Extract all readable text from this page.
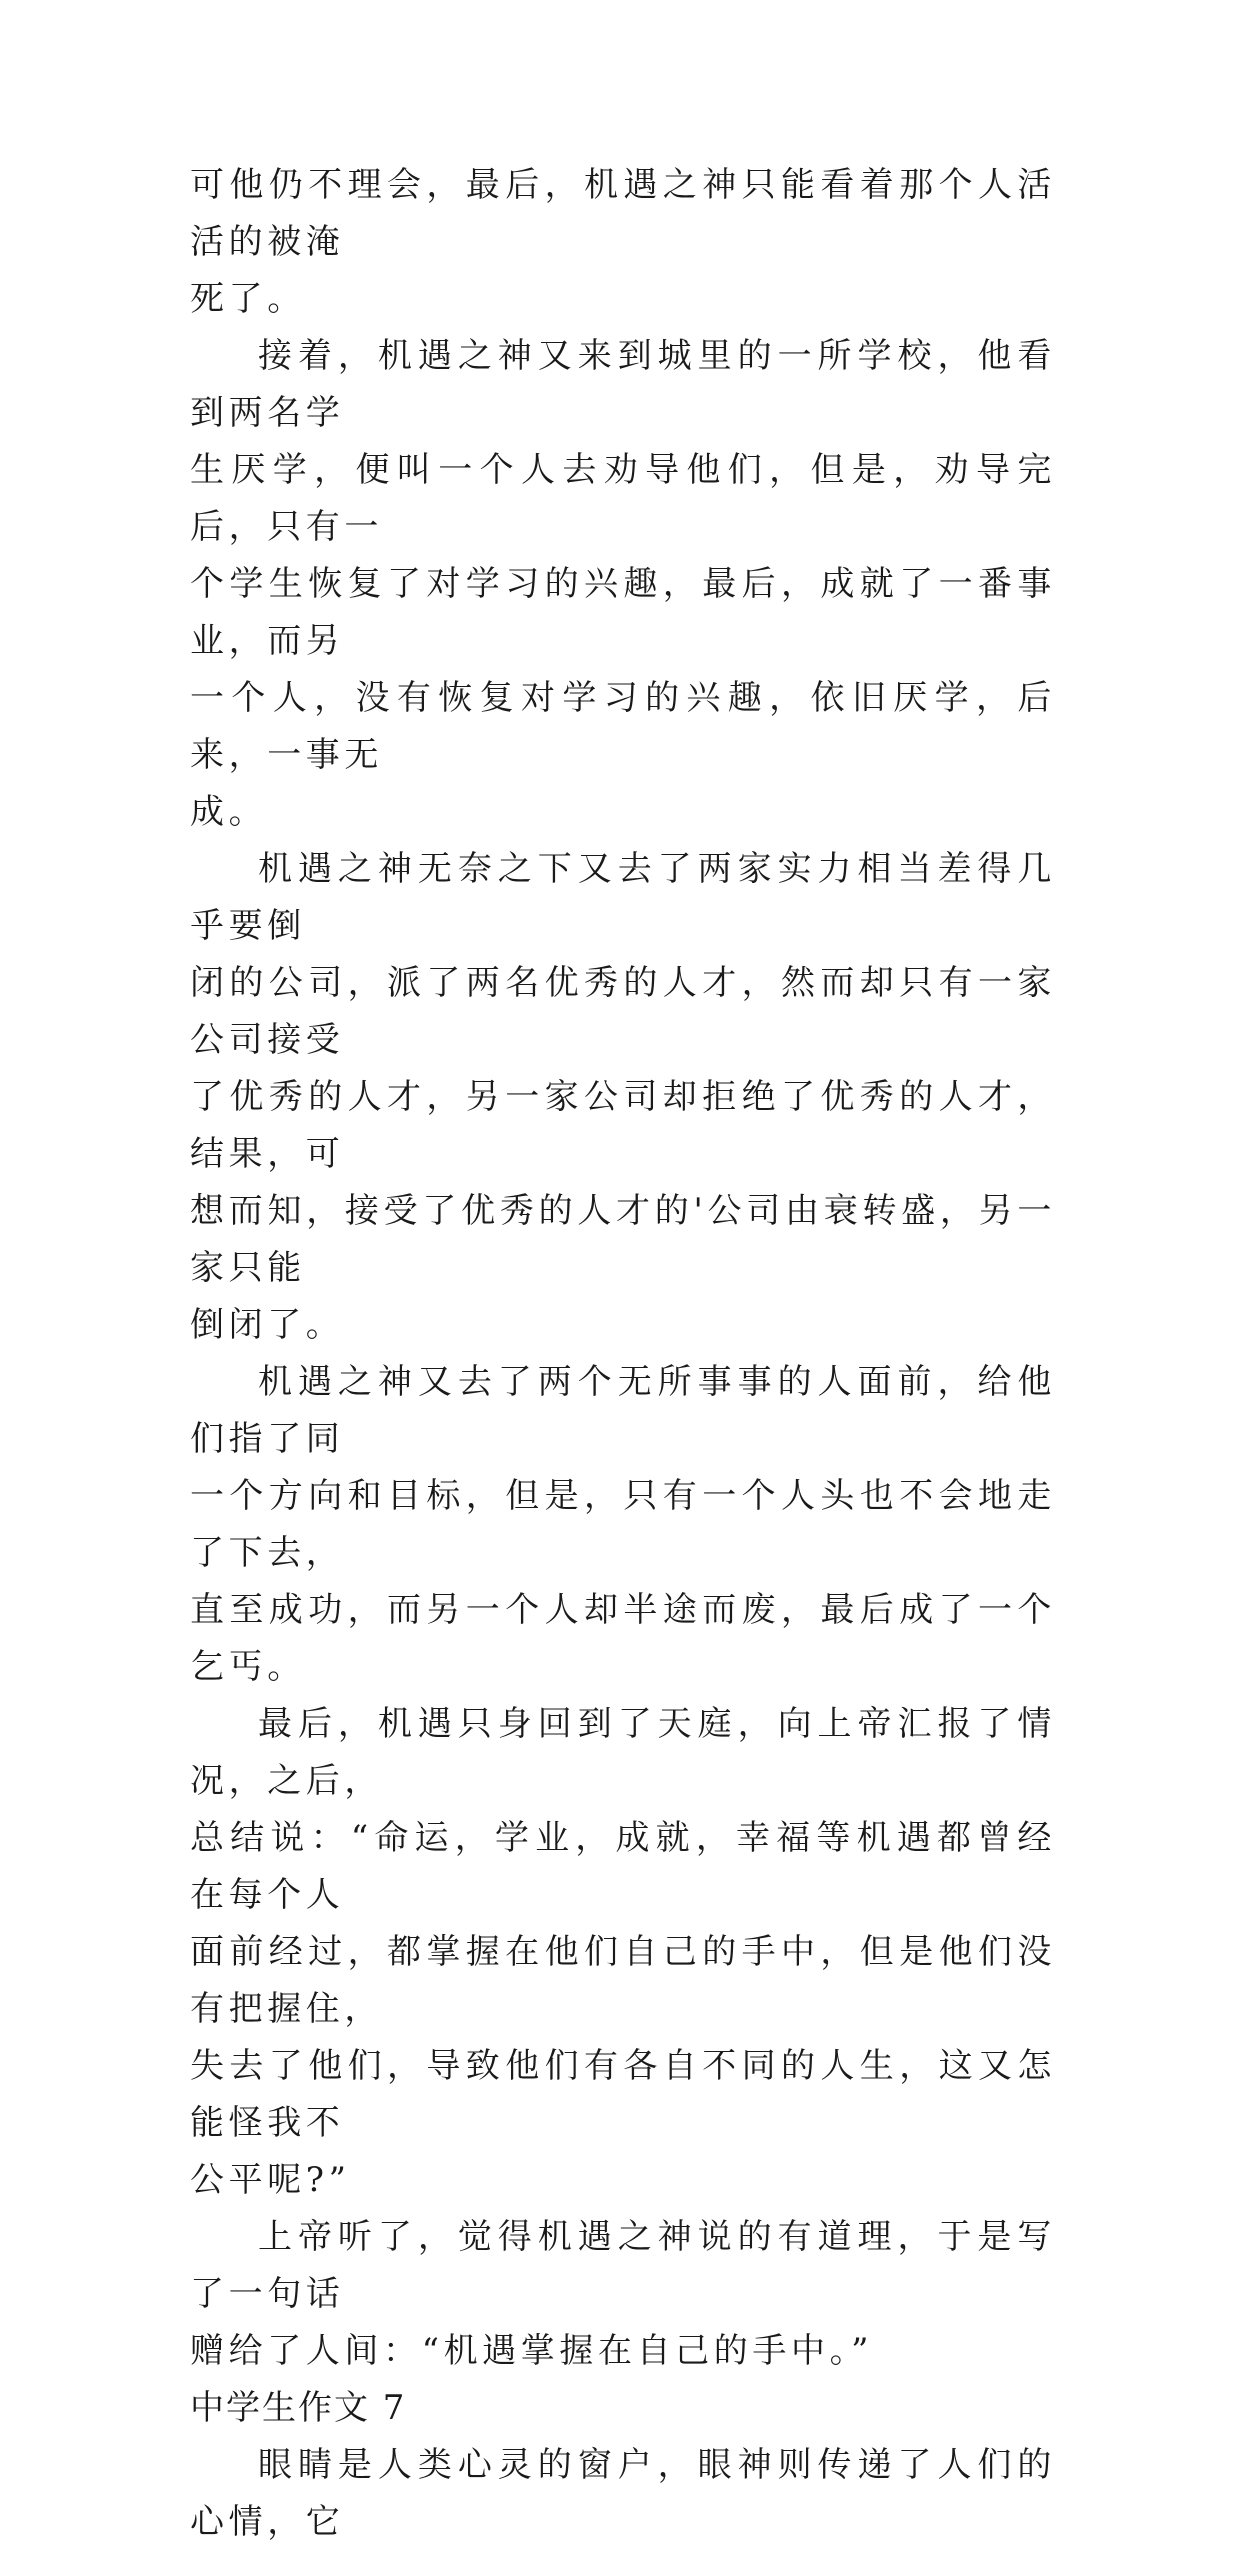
可他仍不理会，最后，机遇之神只能看着那个人活活的被淹
死了。

接着，机遇之神又来到城里的一所学校，他看到两名学
生厌学，便叫一个人去劝导他们，但是，劝导完后，只有一
个学生恢复了对学习的兴趣，最后，成就了一番事业，而另
一个人，没有恢复对学习的兴趣，依旧厌学，后来，一事无
成。

机遇之神无奈之下又去了两家实力相当差得几乎要倒
闭的公司，派了两名优秀的人才，然而却只有一家公司接受
了优秀的人才，另一家公司却拒绝了优秀的人才，结果，可
想而知，接受了优秀的人才的'公司由衰转盛，另一家只能
倒闭了。

机遇之神又去了两个无所事事的人面前，给他们指了同
一个方向和目标，但是，只有一个人头也不会地走了下去，
直至成功，而另一个人却半途而废，最后成了一个乞丐。

最后，机遇只身回到了天庭，向上帝汇报了情况，之后，
总结说：“命运，学业，成就，幸福等机遇都曾经在每个人
面前经过，都掌握在他们自己的手中，但是他们没有把握住，
失去了他们，导致他们有各自不同的人生，这又怎能怪我不
公平呢?”

上帝听了，觉得机遇之神说的有道理，于是写了一句话
赠给了人间：“机遇掌握在自己的手中。”

中学生作文 7

眼睛是人类心灵的窗户，眼神则传递了人们的心情，它
